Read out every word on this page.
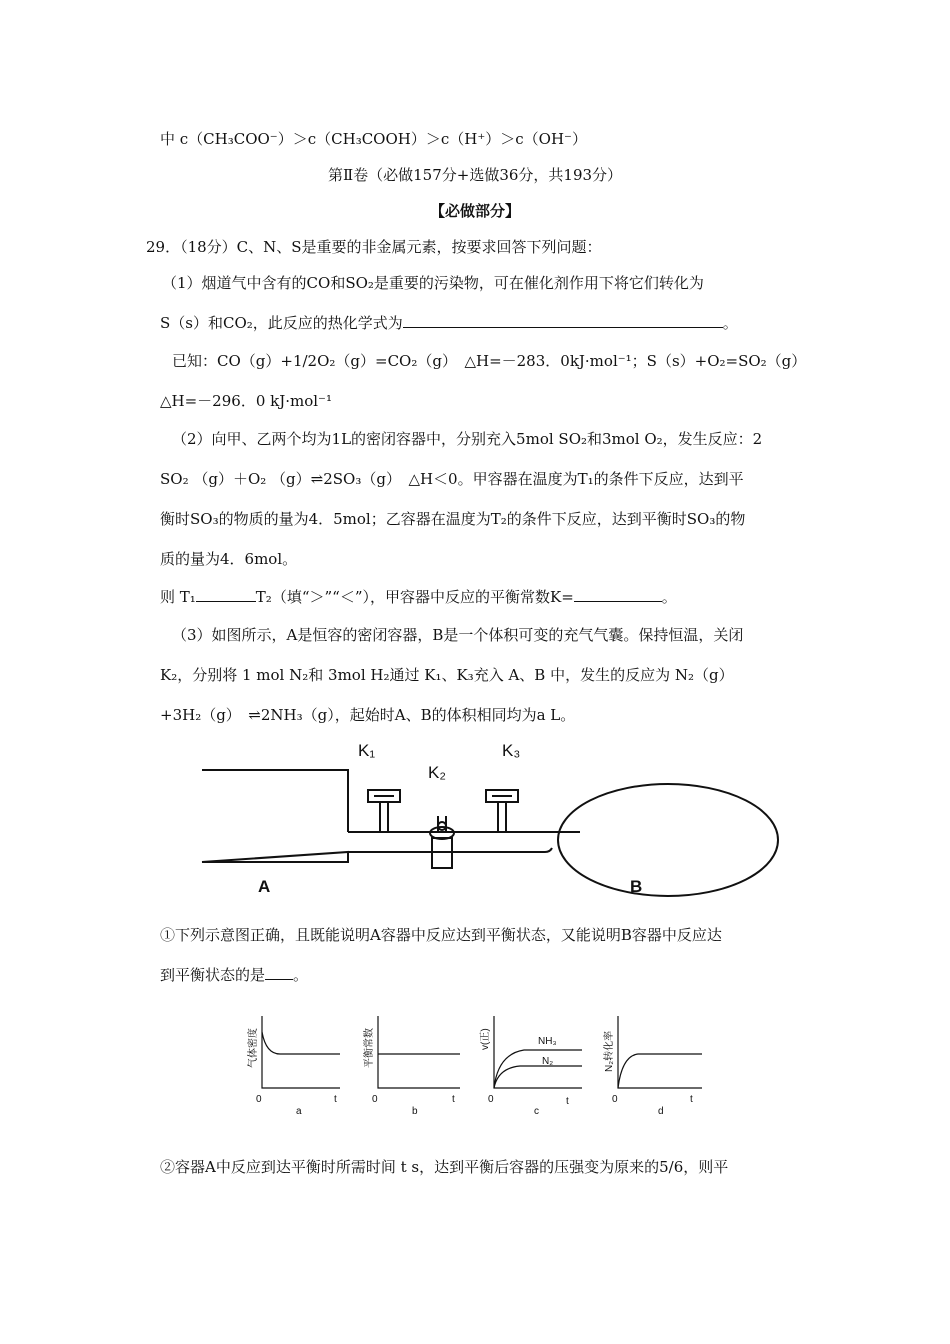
中 c（CH₃COO⁻）＞c（CH₃COOH）＞c（H⁺）＞c（OH⁻）
第Ⅱ卷（必做157分+选做36分，共193分）
【必做部分】
29．（18分）C、N、S是重要的非金属元素，按要求回答下列问题：
（1）烟道气中含有的CO和SO₂是重要的污染物，可在催化剂作用下将它们转化为
S（s）和CO₂，此反应的热化学式为	。
已知：CO（g）+1/2O₂（g）=CO₂（g）　△H=－283．0kJ·mol⁻¹；S（s）+O₂=SO₂（g）
△H=－296．0 kJ·mol⁻¹
（2）向甲、乙两个均为1L的密闭容器中，分别充入5mol SO₂和3mol O₂，发生反应：2
SO₂ （g）＋O₂ （g）⇌2SO₃（g）　△H＜0。甲容器在温度为T₁的条件下反应，达到平
衡时SO₃的物质的量为4．5mol；乙容器在温度为T₂的条件下反应，达到平衡时SO₃的物
质的量为4．6mol。
则 T₁	T₂（填“＞”“＜”），甲容器中反应的平衡常数K=	。
（3）如图所示，A是恒容的密闭容器，B是一个体积可变的充气气囊。保持恒温，关闭
K₂，分别将 1 mol N₂和 3mol H₂通过 K₁、K₃充入 A、B 中，发生的反应为 N₂（g）
+3H₂（g）　⇌2NH₃（g），起始时A、B的体积相同均为a L。
K₁
K₂
K₃
A	B
①下列示意图正确，且既能说明A容器中反应达到平衡状态，又能说明B容器中反应达
到平衡状态的是 。
气体密度
0	t
a
平衡常数
0	t
b
v(正)
0	t
c
NH₃
N₂	N₂转化率
0	t
d
②容器A中反应到达平衡时所需时间 t s，达到平衡后容器的压强变为原来的5/6，则平
